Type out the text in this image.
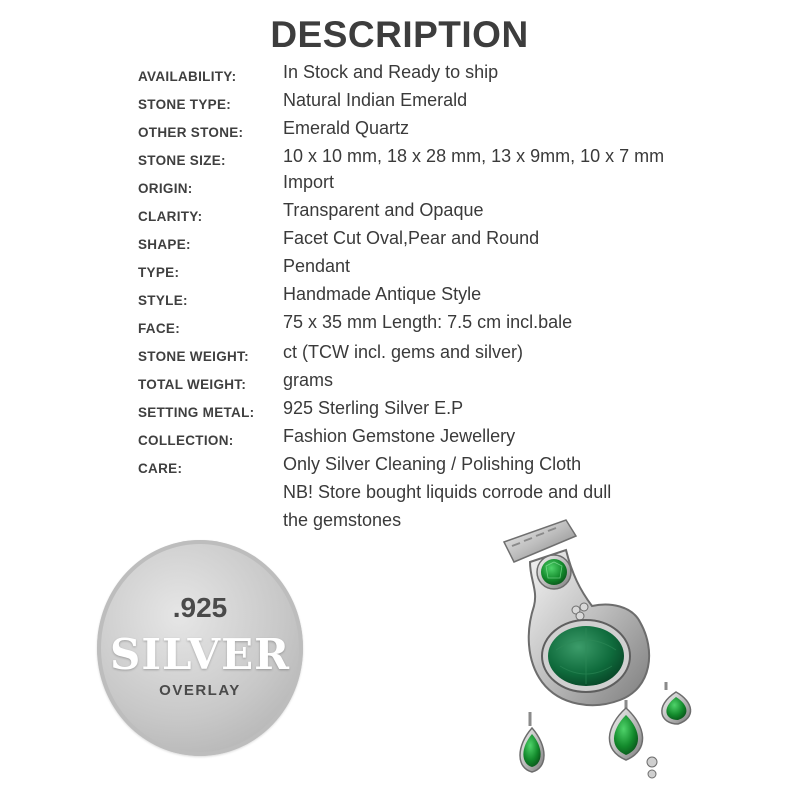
DESCRIPTION
AVAILABILITY:	In Stock and Ready to ship
STONE TYPE:	Natural Indian Emerald
OTHER STONE: Emerald Quartz
STONE SIZE:	10 x 10 mm, 18 x 28 mm, 13 x 9mm, 10 x 7 mm
ORIGIN:	Import
CLARITY:	Transparent and Opaque
SHAPE:	Facet Cut Oval,Pear and Round
TYPE:	Pendant
STYLE:	Handmade Antique Style
FACE:	75 x 35 mm Length: 7.5 cm incl.bale
STONE WEIGHT: ct (TCW incl. gems and silver)
TOTAL WEIGHT: grams
SETTING METAL: 925 Sterling Silver E.P
COLLECTION:	Fashion Gemstone Jewellery
CARE:	Only Silver Cleaning / Polishing Cloth
NB! Store bought liquids corrode and dull
the gemstones
.925
SILVER
OVERLAY
